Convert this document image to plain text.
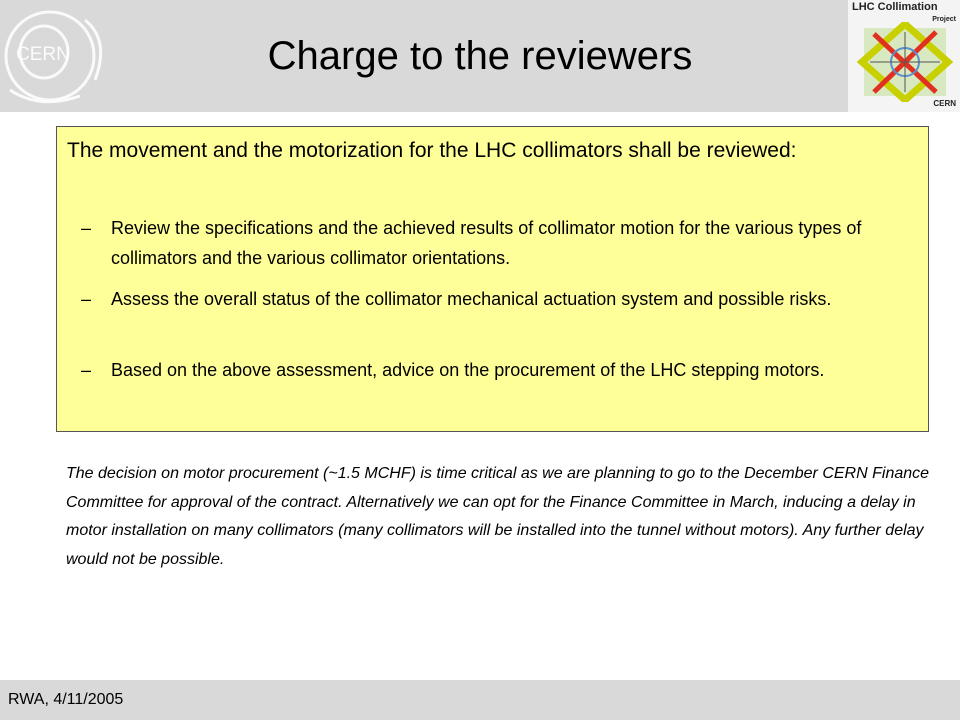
CERN	Charge to the reviewers
LHC Collimation
Project
CERN

The movement and the motorization for the LHC collimators shall be reviewed:

– Review the specifications and the achieved results of collimator motion for the various types of collimators and the various collimator orientations.
– Assess the overall status of the collimator mechanical actuation system and possible risks.
– Based on the above assessment, advice on the procurement of the LHC stepping motors.

The decision on motor procurement (~1.5 MCHF) is time critical as we are planning to go to the December CERN Finance Committee for approval of the contract. Alternatively we can opt for the Finance Committee in March, inducing a delay in motor installation on many collimators (many collimators will be installed into the tunnel without motors). Any further delay would not be possible.

RWA, 4/11/2005
